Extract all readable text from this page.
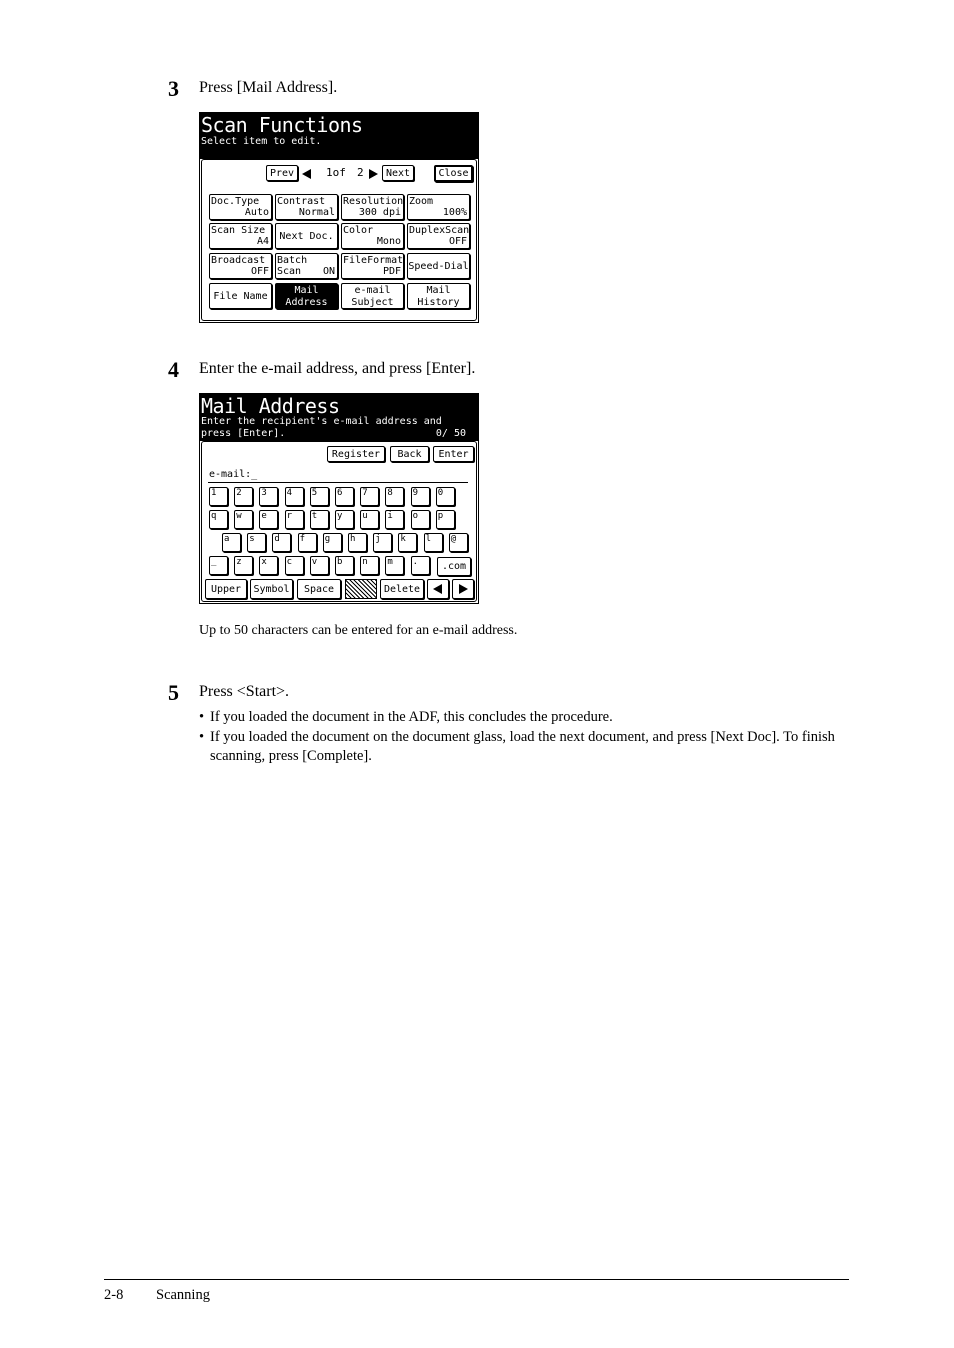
3	Press [Mail Address].
Scan Functions
Select item to edit.
Prev	1of 2 Next	Close
Doc.Type
Auto
Contrast
Normal
Resolution
300 dpi
Zoom
100%
Scan Size
A4	Next Doc.
Color
Mono
DuplexScan
OFF
Broadcast
OFF
Batch Scan	ON
FileFormat
PDF Speed-Dial
File Name
Mail
Address
e-mail
Subject
Mail
History
4	Enter the e-mail address, and press [Enter].
Mail Address
Enter the recipient's e-mail address and
press [Enter].	0/ 50
Register	Back	Enter
e-mail:_
1 2 3 4 5 6 7 8 9 0
q w e r t y u i o p
a s d f g h j k l @
_ z x c v b n m .	.com
Upper	Symbol	Space	Delete
Up to 50 characters can be entered for an e-mail address.
5	Press <Start>.
• If you loaded the document in the ADF, this concludes the procedure.
• If you loaded the document on the document glass, load the next document, and press [Next Doc]. To finish scanning, press [Complete].
2-8 Scanning
